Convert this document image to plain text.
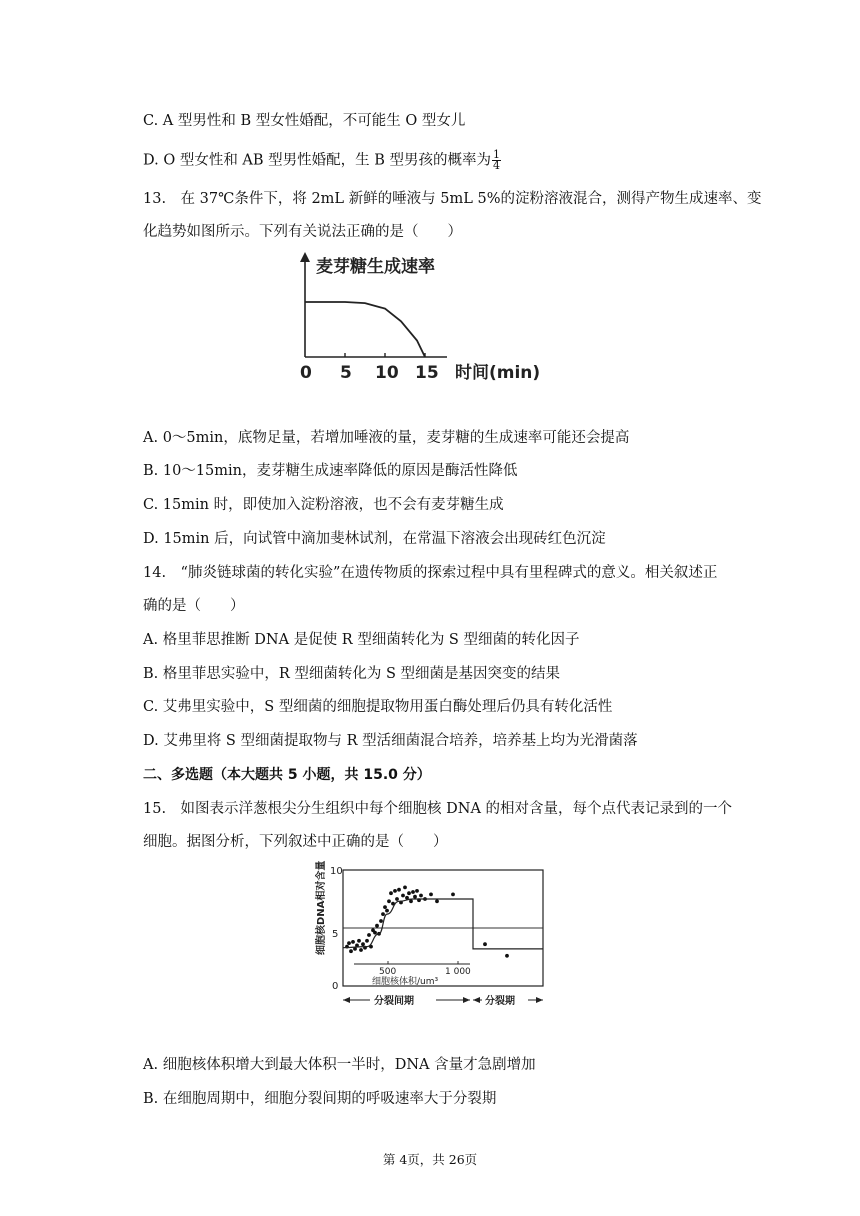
C. A 型男性和 B 型女性婚配，不可能生 O 型女儿
D. O 型女性和 AB 型男性婚配，生 B 型男孩的概率为 $\frac{1}{4}$
13.　在 37℃条件下，将 2mL 新鲜的唾液与 5mL 5%的淀粉溶液混合，测得产物生成速率、变
化趋势如图所示。下列有关说法正确的是（　　）
麦芽糖生成速率
0 5 10 15 时间(min)
A. 0～5min，底物足量，若增加唾液的量，麦芽糖的生成速率可能还会提高
B. 10～15min，麦芽糖生成速率降低的原因是酶活性降低
C. 15min 时，即使加入淀粉溶液，也不会有麦芽糖生成
D. 15min 后，向试管中滴加斐林试剂，在常温下溶液会出现砖红色沉淀
14.　“肺炎链球菌的转化实验”在遗传物质的探索过程中具有里程碑式的意义。相关叙述正
确的是（　　）
A. 格里菲思推断 DNA 是促使 R 型细菌转化为 S 型细菌的转化因子
B. 格里菲思实验中，R 型细菌转化为 S 型细菌是基因突变的结果
C. 艾弗里实验中，S 型细菌的细胞提取物用蛋白酶处理后仍具有转化活性
D. 艾弗里将 S 型细菌提取物与 R 型活细菌混合培养，培养基上均为光滑菌落
二、多选题（本大题共 5 小题，共 15.0 分）
15.　如图表示洋葱根尖分生组织中每个细胞核 DNA 的相对含量，每个点代表记录到的一个
细胞。据图分析，下列叙述中正确的是（　　）
细胞核DNA相对含量 10
5
0
500	1 000
细胞核体积/um³
分裂间期	分裂期
A. 细胞核体积增大到最大体积一半时，DNA 含量才急剧增加
B. 在细胞周期中，细胞分裂间期的呼吸速率大于分裂期
第 4页，共 26页
